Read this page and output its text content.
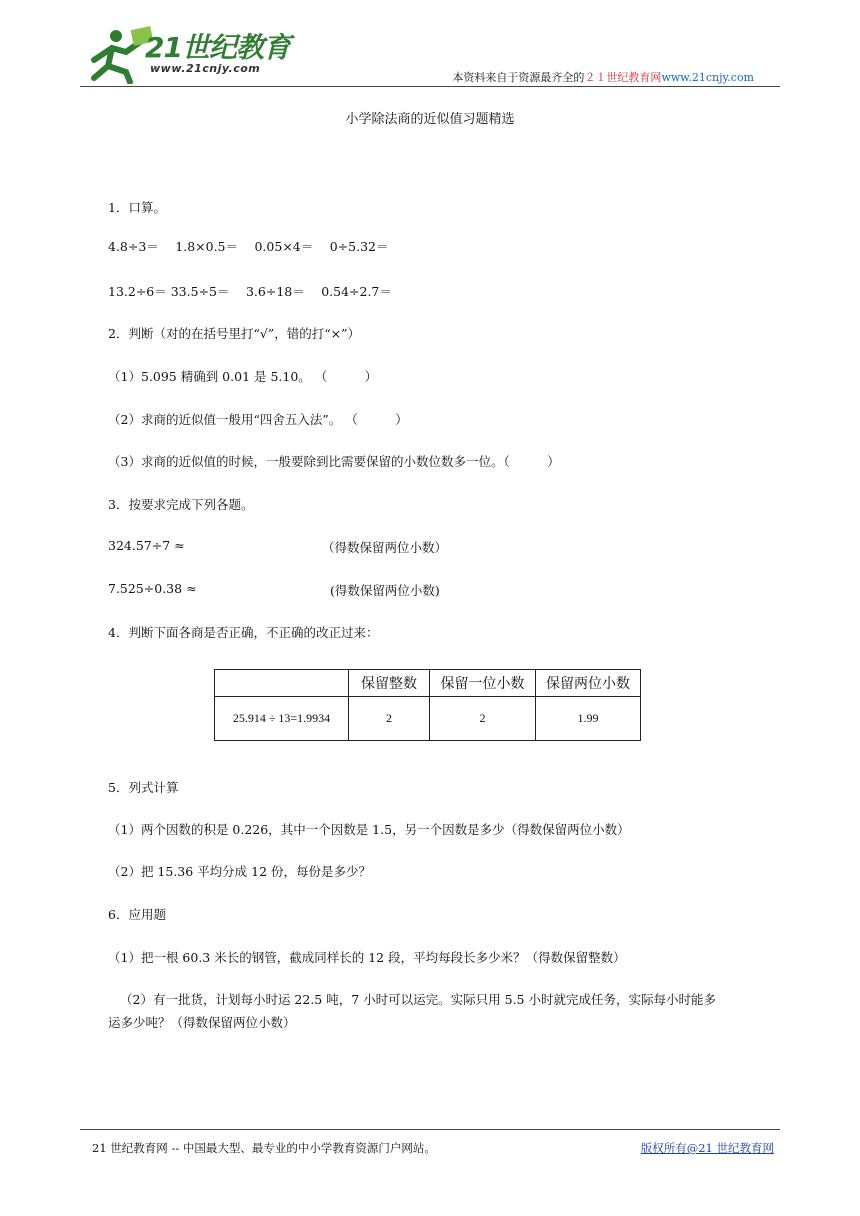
21世纪教育
www.21cnjy.com
本资料来自于资源最齐全的２１世纪教育网www.21cnjy.com
小学除法商的近似值习题精选
1．口算。
4.8÷3＝　 1.8×0.5＝　 0.05×4＝　 0÷5.32＝
13.2÷6＝ 33.5÷5＝　 3.6÷18＝　 0.54÷2.7＝
2．判断（对的在括号里打“√”，错的打“×”）
（1）5.095 精确到 0.01 是 5.10。 （　　　）
（2）求商的近似值一般用“四舍五入法”。 （　　　）
（3）求商的近似值的时候，一般要除到比需要保留的小数位数多一位。（　　　）
3．按要求完成下列各题。
324.57÷7 ≈	（得数保留两位小数）
7.525÷0.38 ≈	(得数保留两位小数)
4．判断下面各商是否正确，不正确的改正过来：
	保留整数	保留一位小数	保留两位小数
25.914 ÷ 13=1.9934	2	2	1.99
5．列式计算
（1）两个因数的积是 0.226，其中一个因数是 1.5，另一个因数是多少（得数保留两位小数）
（2）把 15.36 平均分成 12 份，每份是多少？
6．应用题
（1）把一根 60.3 米长的钢管，截成同样长的 12 段，平均每段长多少米？（得数保留整数）
（2）有一批货，计划每小时运 22.5 吨，7 小时可以运完。实际只用 5.5 小时就完成任务，实际每小时能多
运多少吨？（得数保留两位小数）
21 世纪教育网 -- 中国最大型、最专业的中小学教育资源门户网站。	版权所有@21 世纪教育网
